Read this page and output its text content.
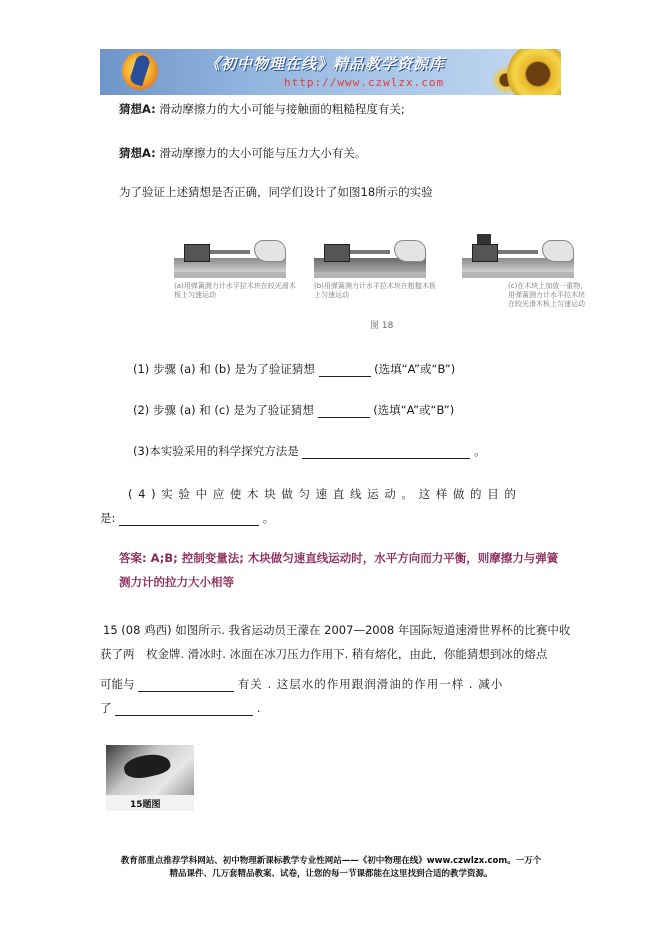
《初中物理在线》精品教学资源库
http://www.czwlzx.com
猜想A: 滑动摩擦力的大小可能与接触面的粗糙程度有关;
猜想A: 滑动摩擦力的大小可能与压力大小有关。
为了验证上述猜想是否正确，同学们设计了如图18所示的实验
(a)用弹簧测力计水平拉木块在较光滑木板上匀速运动
(b)用弹簧测力计水平拉木块在粗糙木板上匀速运动
(c)在木块上加放一重物，用弹簧测力计水平拉木块在较光滑木板上匀速运动
图 18
(1) 步骤 (a) 和 (b) 是为了验证猜想	(选填“A”或“B”)
(2) 步骤 (a) 和 (c) 是为了验证猜想	(选填“A”或“B”)
(3)本实验采用的科学探究方法是	。
( 4 ) 实 验 中 应 使 木 块 做 匀 速 直 线 运 动 。 这 样 做 的 目 的
是:	。
答案: A;B; 控制变量法; 木块做匀速直线运动时，水平方向而力平衡，则摩擦力与弹簧测力计的拉力大小相等
15 (08 鸡西) 如图所示. 我省运动员王濛在 2007—2008 年国际短道速滑世界杯的比赛中收
获了两　枚金牌. 滑冰时. 冰面在冰刀压力作用下. 稍有熔化，由此，你能猜想到冰的熔点
可能与	有关 . 这层水的作用跟润滑油的作用一样 . 减小
了	.
15题图
教育部重点推荐学科网站、初中物理新课标教学专业性网站——《初中物理在线》www.czwlzx.com。一万个
精品课件、几万套精品教案、试卷，让您的每一节课都能在这里找到合适的教学资源。
